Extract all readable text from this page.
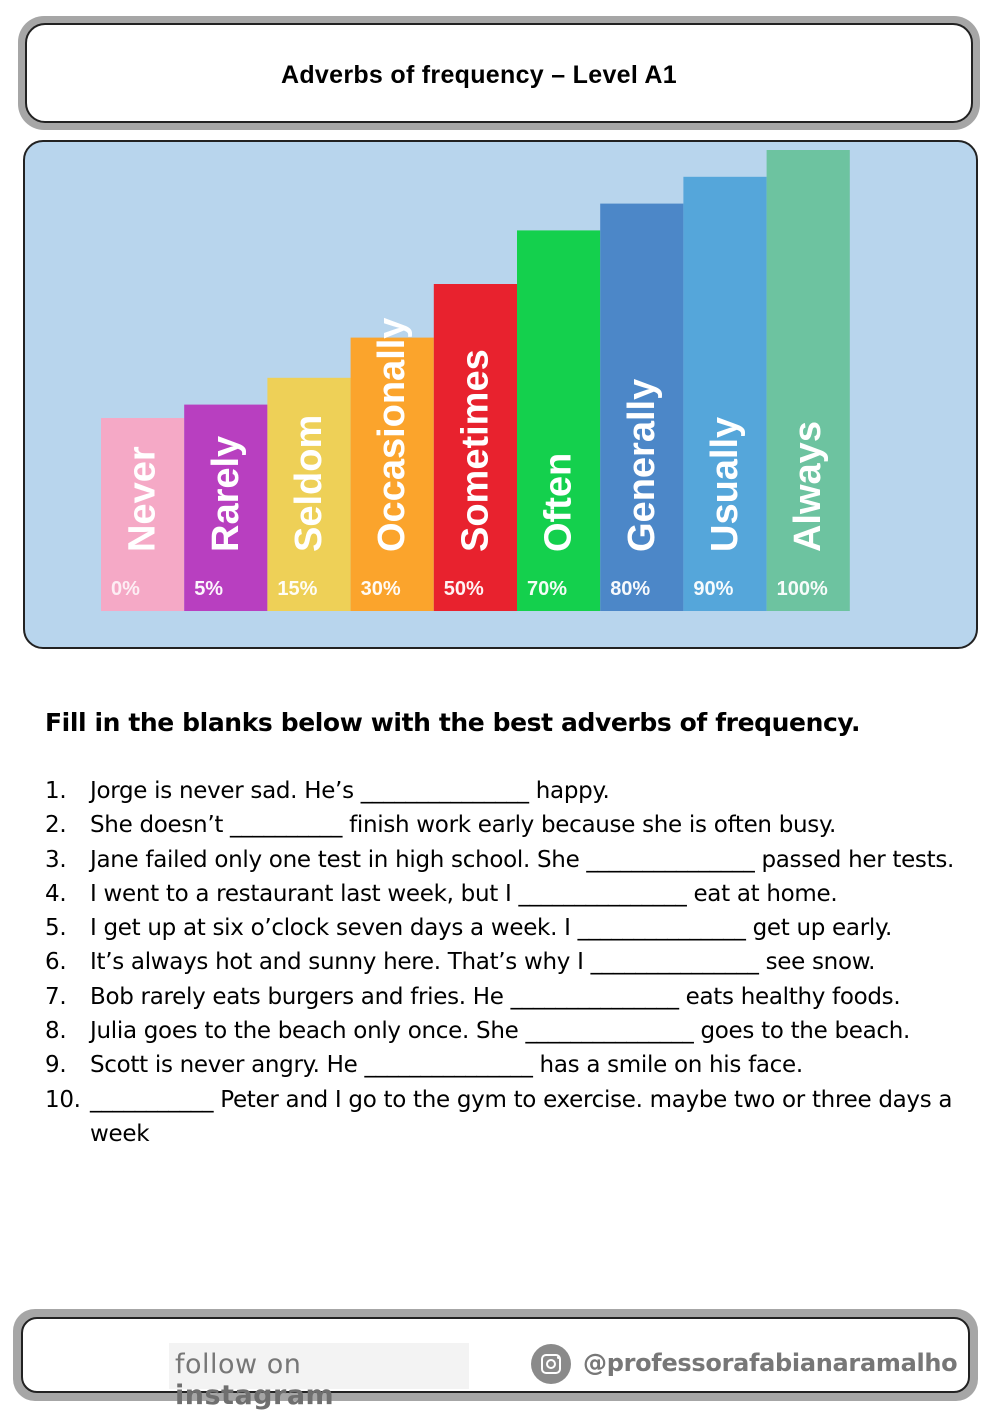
Adverbs of frequency – Level A1
Never
0%
Rarely
5%
Seldom
15%
Occasionally
30%
Sometimes
50%
Often
70%
Generally
80%
Usually
90%
Always
100%
Fill in the blanks below with the best adverbs of frequency.
1. Jorge is never sad. He’s _______________ happy.
2. She doesn’t __________ finish work early because she is often busy.
3. Jane failed only one test in high school. She _______________ passed her tests.
4. I went to a restaurant last week, but I _______________ eat at home.
5. I get up at six o’clock seven days a week. I _______________ get up early.
6. It’s always hot and sunny here. That’s why I _______________ see snow.
7. Bob rarely eats burgers and fries. He _______________ eats healthy foods.
8. Julia goes to the beach only once. She _______________ goes to the beach.
9. Scott is never angry. He _______________ has a smile on his face.
10. ___________ Peter and I go to the gym to exercise. maybe two or three days a week
follow on instagram
@professorafabianaramalho
